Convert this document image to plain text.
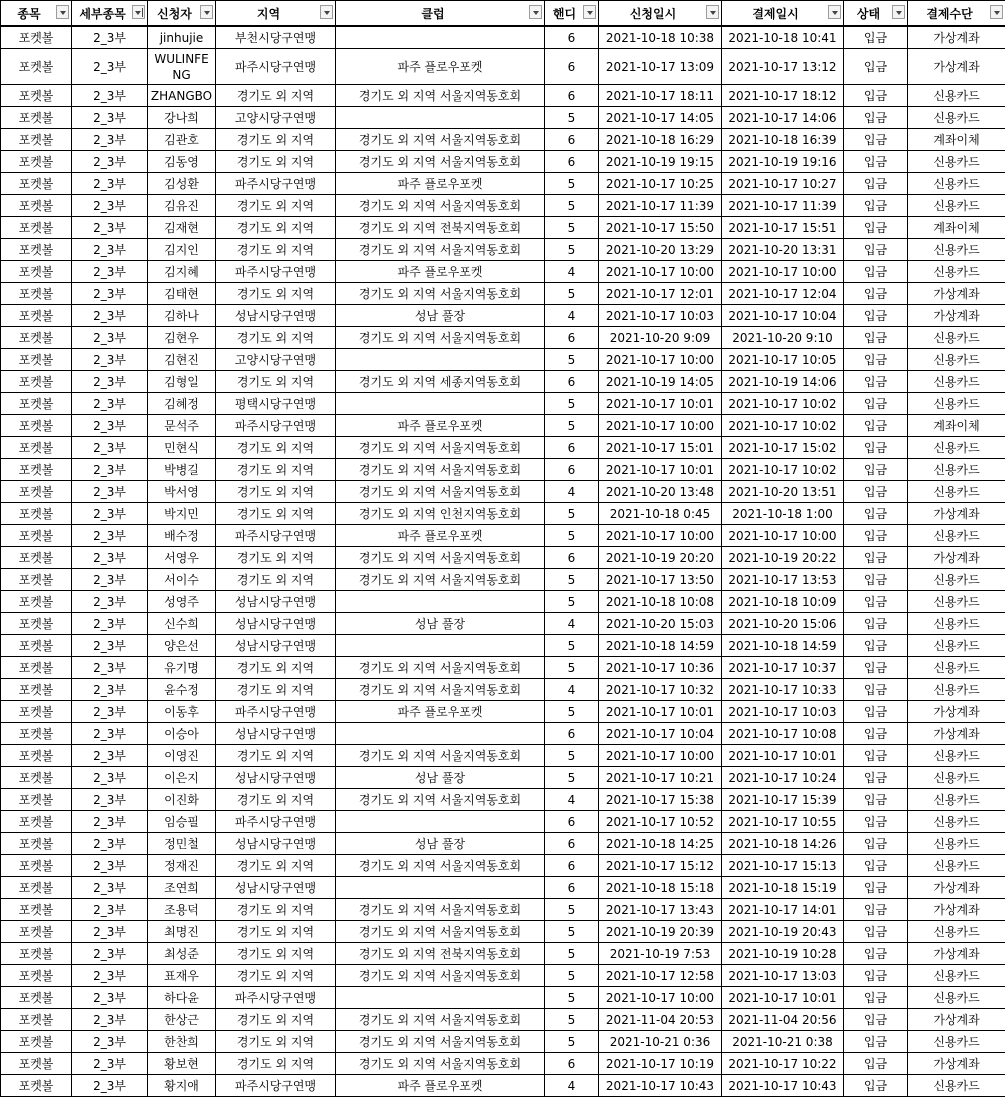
종목	세부종목	신청자	지역	클럽	핸디	신청일시	결제일시	상태	결제수단

포켓볼	2_3부	jinhujie	부천시당구연맹		6	2021-10-18 10:38	2021-10-18 10:41	입금	가상계좌
포켓볼	2_3부	WULINFENG	파주시당구연맹	파주 플로우포켓	6	2021-10-17 13:09	2021-10-17 13:12	입금	가상계좌
포켓볼	2_3부	ZHANGBO	경기도 외 지역	경기도 외 지역 서울지역동호회	6	2021-10-17 18:11	2021-10-17 18:12	입금	신용카드
포켓볼	2_3부	강나희	고양시당구연맹		5	2021-10-17 14:05	2021-10-17 14:06	입금	신용카드
포켓볼	2_3부	김관호	경기도 외 지역	경기도 외 지역 서울지역동호회	6	2021-10-18 16:29	2021-10-18 16:39	입금	계좌이체
포켓볼	2_3부	김동영	경기도 외 지역	경기도 외 지역 서울지역동호회	6	2021-10-19 19:15	2021-10-19 19:16	입금	신용카드
포켓볼	2_3부	김성환	파주시당구연맹	파주 플로우포켓	5	2021-10-17 10:25	2021-10-17 10:27	입금	신용카드
포켓볼	2_3부	김유진	경기도 외 지역	경기도 외 지역 서울지역동호회	5	2021-10-17 11:39	2021-10-17 11:39	입금	신용카드
포켓볼	2_3부	김재현	경기도 외 지역	경기도 외 지역 전북지역동호회	5	2021-10-17 15:50	2021-10-17 15:51	입금	계좌이체
포켓볼	2_3부	김지인	경기도 외 지역	경기도 외 지역 서울지역동호회	5	2021-10-20 13:29	2021-10-20 13:31	입금	신용카드
포켓볼	2_3부	김지혜	파주시당구연맹	파주 플로우포켓	4	2021-10-17 10:00	2021-10-17 10:00	입금	신용카드
포켓볼	2_3부	김태현	경기도 외 지역	경기도 외 지역 서울지역동호회	5	2021-10-17 12:01	2021-10-17 12:04	입금	가상계좌
포켓볼	2_3부	김하나	성남시당구연맹	성남 풀장	4	2021-10-17 10:03	2021-10-17 10:04	입금	가상계좌
포켓볼	2_3부	김현우	경기도 외 지역	경기도 외 지역 서울지역동호회	6	2021-10-20 9:09	2021-10-20 9:10	입금	신용카드
포켓볼	2_3부	김현진	고양시당구연맹		5	2021-10-17 10:00	2021-10-17 10:05	입금	신용카드
포켓볼	2_3부	김형일	경기도 외 지역	경기도 외 지역 세종지역동호회	6	2021-10-19 14:05	2021-10-19 14:06	입금	신용카드
포켓볼	2_3부	김혜정	평택시당구연맹		5	2021-10-17 10:01	2021-10-17 10:02	입금	신용카드
포켓볼	2_3부	문석주	파주시당구연맹	파주 플로우포켓	5	2021-10-17 10:00	2021-10-17 10:02	입금	계좌이체
포켓볼	2_3부	민현식	경기도 외 지역	경기도 외 지역 서울지역동호회	6	2021-10-17 15:01	2021-10-17 15:02	입금	신용카드
포켓볼	2_3부	박병길	경기도 외 지역	경기도 외 지역 서울지역동호회	6	2021-10-17 10:01	2021-10-17 10:02	입금	신용카드
포켓볼	2_3부	박서영	경기도 외 지역	경기도 외 지역 서울지역동호회	4	2021-10-20 13:48	2021-10-20 13:51	입금	신용카드
포켓볼	2_3부	박지민	경기도 외 지역	경기도 외 지역 인천지역동호회	5	2021-10-18 0:45	2021-10-18 1:00	입금	가상계좌
포켓볼	2_3부	배수정	파주시당구연맹	파주 플로우포켓	5	2021-10-17 10:00	2021-10-17 10:00	입금	신용카드
포켓볼	2_3부	서영우	경기도 외 지역	경기도 외 지역 서울지역동호회	6	2021-10-19 20:20	2021-10-19 20:22	입금	가상계좌
포켓볼	2_3부	서이수	경기도 외 지역	경기도 외 지역 서울지역동호회	5	2021-10-17 13:50	2021-10-17 13:53	입금	신용카드
포켓볼	2_3부	성영주	성남시당구연맹		5	2021-10-18 10:08	2021-10-18 10:09	입금	신용카드
포켓볼	2_3부	신수희	성남시당구연맹	성남 풀장	4	2021-10-20 15:03	2021-10-20 15:06	입금	신용카드
포켓볼	2_3부	양은선	성남시당구연맹		5	2021-10-18 14:59	2021-10-18 14:59	입금	신용카드
포켓볼	2_3부	유기명	경기도 외 지역	경기도 외 지역 서울지역동호회	5	2021-10-17 10:36	2021-10-17 10:37	입금	신용카드
포켓볼	2_3부	윤수정	경기도 외 지역	경기도 외 지역 서울지역동호회	4	2021-10-17 10:32	2021-10-17 10:33	입금	신용카드
포켓볼	2_3부	이동후	파주시당구연맹	파주 플로우포켓	5	2021-10-17 10:01	2021-10-17 10:03	입금	가상계좌
포켓볼	2_3부	이승아	성남시당구연맹		6	2021-10-17 10:04	2021-10-17 10:08	입금	가상계좌
포켓볼	2_3부	이영진	경기도 외 지역	경기도 외 지역 서울지역동호회	5	2021-10-17 10:00	2021-10-17 10:01	입금	신용카드
포켓볼	2_3부	이은지	성남시당구연맹	성남 풀장	5	2021-10-17 10:21	2021-10-17 10:24	입금	신용카드
포켓볼	2_3부	이진화	경기도 외 지역	경기도 외 지역 서울지역동호회	4	2021-10-17 15:38	2021-10-17 15:39	입금	신용카드
포켓볼	2_3부	임승필	파주시당구연맹		6	2021-10-17 10:52	2021-10-17 10:55	입금	신용카드
포켓볼	2_3부	정민철	성남시당구연맹	성남 풀장	6	2021-10-18 14:25	2021-10-18 14:26	입금	신용카드
포켓볼	2_3부	정재진	경기도 외 지역	경기도 외 지역 서울지역동호회	6	2021-10-17 15:12	2021-10-17 15:13	입금	신용카드
포켓볼	2_3부	조연희	성남시당구연맹		6	2021-10-18 15:18	2021-10-18 15:19	입금	가상계좌
포켓볼	2_3부	조용덕	경기도 외 지역	경기도 외 지역 서울지역동호회	5	2021-10-17 13:43	2021-10-17 14:01	입금	가상계좌
포켓볼	2_3부	최명진	경기도 외 지역	경기도 외 지역 서울지역동호회	5	2021-10-19 20:39	2021-10-19 20:43	입금	신용카드
포켓볼	2_3부	최성준	경기도 외 지역	경기도 외 지역 전북지역동호회	5	2021-10-19 7:53	2021-10-19 10:28	입금	가상계좌
포켓볼	2_3부	표재우	경기도 외 지역	경기도 외 지역 서울지역동호회	5	2021-10-17 12:58	2021-10-17 13:03	입금	신용카드
포켓볼	2_3부	하다윤	파주시당구연맹		5	2021-10-17 10:00	2021-10-17 10:01	입금	신용카드
포켓볼	2_3부	한상근	경기도 외 지역	경기도 외 지역 서울지역동호회	5	2021-11-04 20:53	2021-11-04 20:56	입금	가상계좌
포켓볼	2_3부	한찬희	경기도 외 지역	경기도 외 지역 서울지역동호회	5	2021-10-21 0:36	2021-10-21 0:38	입금	신용카드
포켓볼	2_3부	황보현	경기도 외 지역	경기도 외 지역 서울지역동호회	6	2021-10-17 10:19	2021-10-17 10:22	입금	가상계좌
포켓볼	2_3부	황지애	파주시당구연맹	파주 플로우포켓	4	2021-10-17 10:43	2021-10-17 10:43	입금	신용카드
